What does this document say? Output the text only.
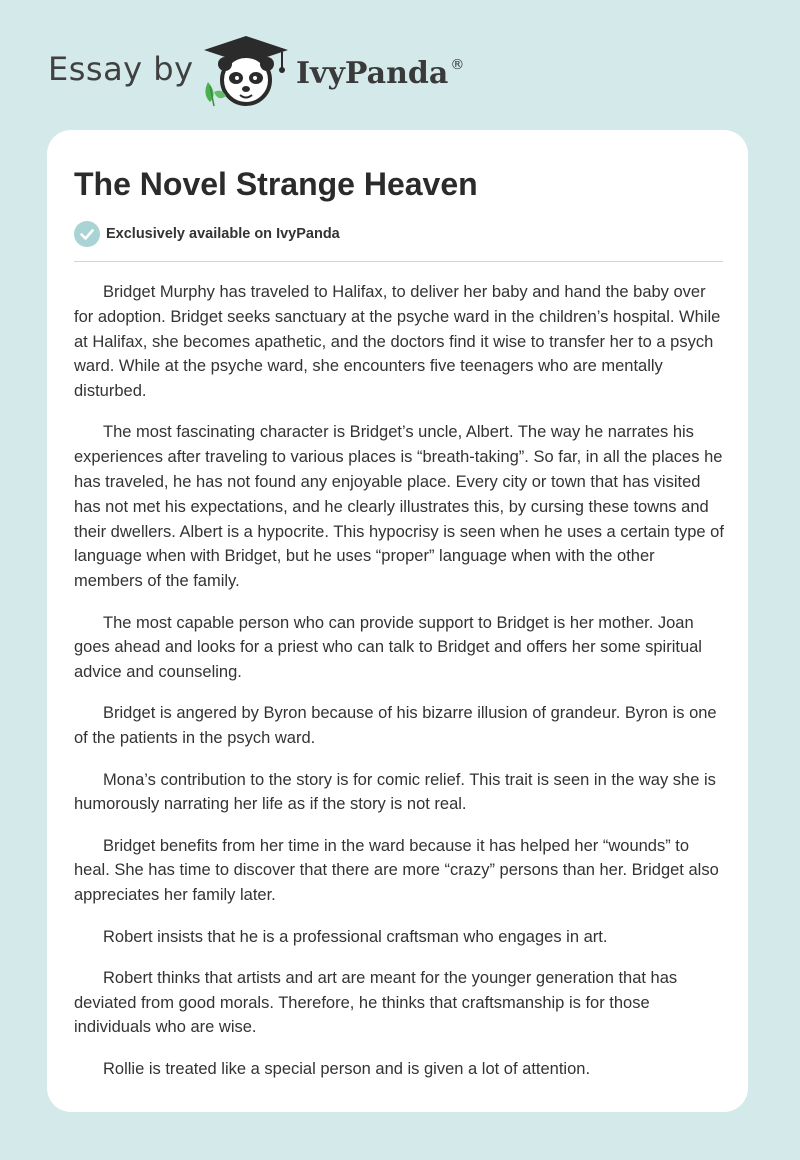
Essay by	IvyPanda ®
The Novel Strange Heaven
Exclusively available on IvyPanda

Bridget Murphy has traveled to Halifax, to deliver her baby and hand the baby over for adoption. Bridget seeks sanctuary at the psyche ward in the children’s hospital. While at Halifax, she becomes apathetic, and the doctors find it wise to transfer her to a psych ward. While at the psyche ward, she encounters five teenagers who are mentally disturbed.

The most fascinating character is Bridget’s uncle, Albert. The way he narrates his experiences after traveling to various places is “breath-taking”. So far, in all the places he has traveled, he has not found any enjoyable place. Every city or town that has visited has not met his expectations, and he clearly illustrates this, by cursing these towns and their dwellers. Albert is a hypocrite. This hypocrisy is seen when he uses a certain type of language when with Bridget, but he uses “proper” language when with the other members of the family.

The most capable person who can provide support to Bridget is her mother. Joan goes ahead and looks for a priest who can talk to Bridget and offers her some spiritual advice and counseling.

Bridget is angered by Byron because of his bizarre illusion of grandeur. Byron is one of the patients in the psych ward.

Mona’s contribution to the story is for comic relief. This trait is seen in the way she is humorously narrating her life as if the story is not real.

Bridget benefits from her time in the ward because it has helped her “wounds” to heal. She has time to discover that there are more “crazy” persons than her. Bridget also appreciates her family later.

Robert insists that he is a professional craftsman who engages in art.

Robert thinks that artists and art are meant for the younger generation that has deviated from good morals. Therefore, he thinks that craftsmanship is for those individuals who are wise.

Rollie is treated like a special person and is given a lot of attention.
